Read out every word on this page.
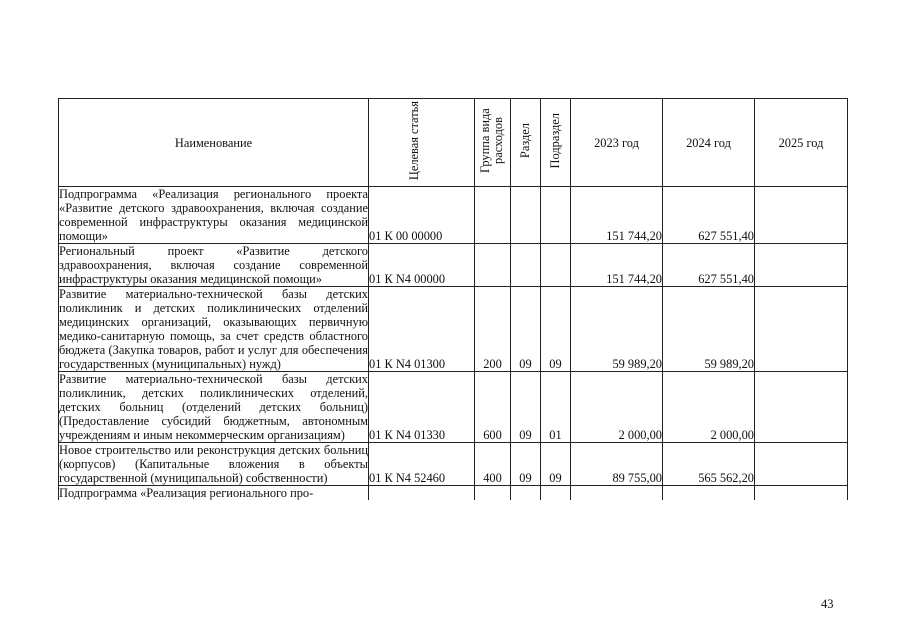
Наименование	Целевая статья	Группа вида расходов	Раздел	Подраздел	2023 год	2024 год	2025 год

Подпрограмма «Реализация регионального проекта «Развитие детского здравоохранения, включая создание современной инфраструктуры оказания медицинской помощи»	01 К 00 00000				151 744,20	627 551,40	

Региональный проект «Развитие детского здравоохранения, включая создание современной инфраструктуры оказания медицинской помощи»	01 К N4 00000				151 744,20	627 551,40	

Развитие материально-технической базы детских поликлиник и детских поликлинических отделений медицинских организаций, оказывающих первичную медико-санитарную помощь, за счет средств областного бюджета (Закупка товаров, работ и услуг для обеспечения государственных (муниципальных) нужд)	01 К N4 01300	200	09	09	59 989,20	59 989,20	

Развитие материально-технической базы детских поликлиник, детских поликлинических отделений, детских больниц (отделений детских больниц) (Предоставление субсидий бюджетным, автономным учреждениям и иным некоммерческим организациям)	01 К N4 01330	600	09	01	2 000,00	2 000,00	

Новое строительство или реконструкция детских больниц (корпусов) (Капитальные вложения в объекты государственной (муниципальной) собственности)	01 К N4 52460	400	09	09	89 755,00	565 562,20	

Подпрограмма «Реализация регионального про-							

43
